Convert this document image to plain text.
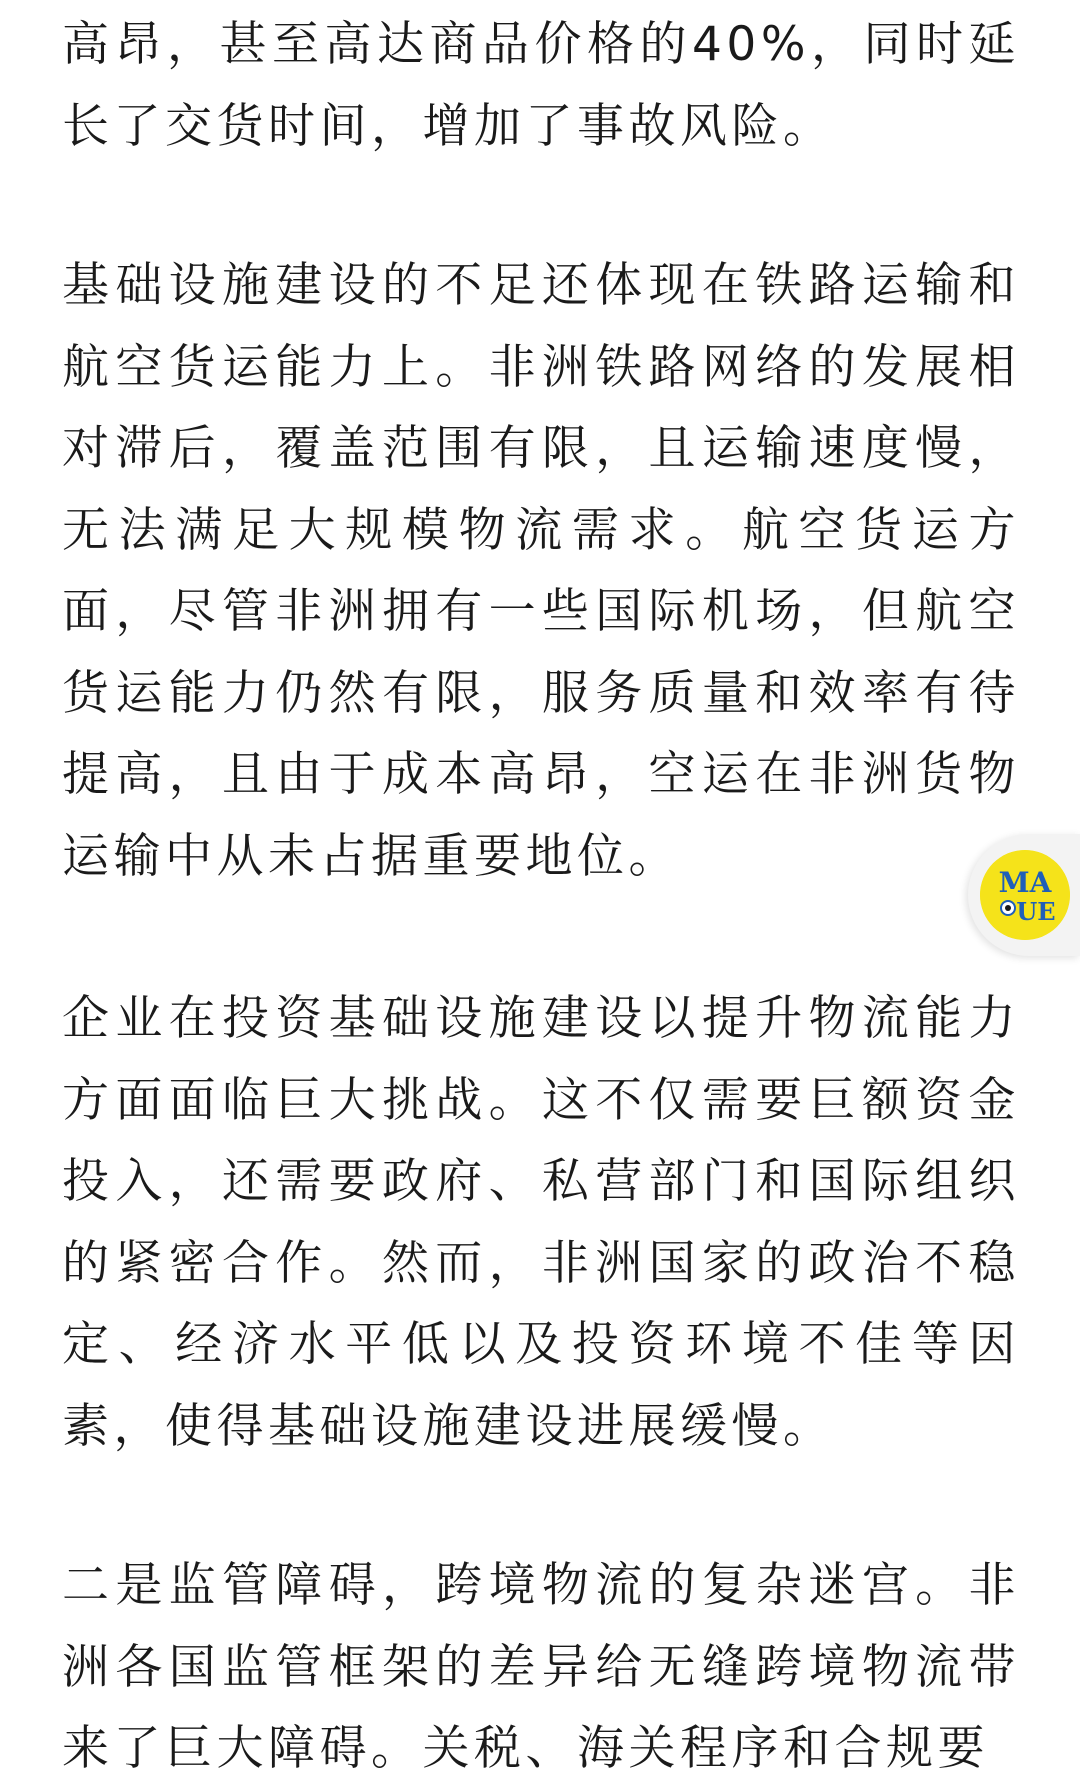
高昂，甚至高达商品价格的40%，同时延长了交货时间，增加了事故风险。

基础设施建设的不足还体现在铁路运输和航空货运能力上。非洲铁路网络的发展相对滞后，覆盖范围有限，且运输速度慢，无法满足大规模物流需求。航空货运方面，尽管非洲拥有一些国际机场，但航空货运能力仍然有限，服务质量和效率有待提高，且由于成本高昂，空运在非洲货物运输中从未占据重要地位。

企业在投资基础设施建设以提升物流能力方面面临巨大挑战。这不仅需要巨额资金投入，还需要政府、私营部门和国际组织的紧密合作。然而，非洲国家的政治不稳定、经济水平低以及投资环境不佳等因素，使得基础设施建设进展缓慢。

二是监管障碍，跨境物流的复杂迷宫。非洲各国监管框架的差异给无缝跨境物流带来了巨大障碍。关税、海关程序和合规要

MA
UE
